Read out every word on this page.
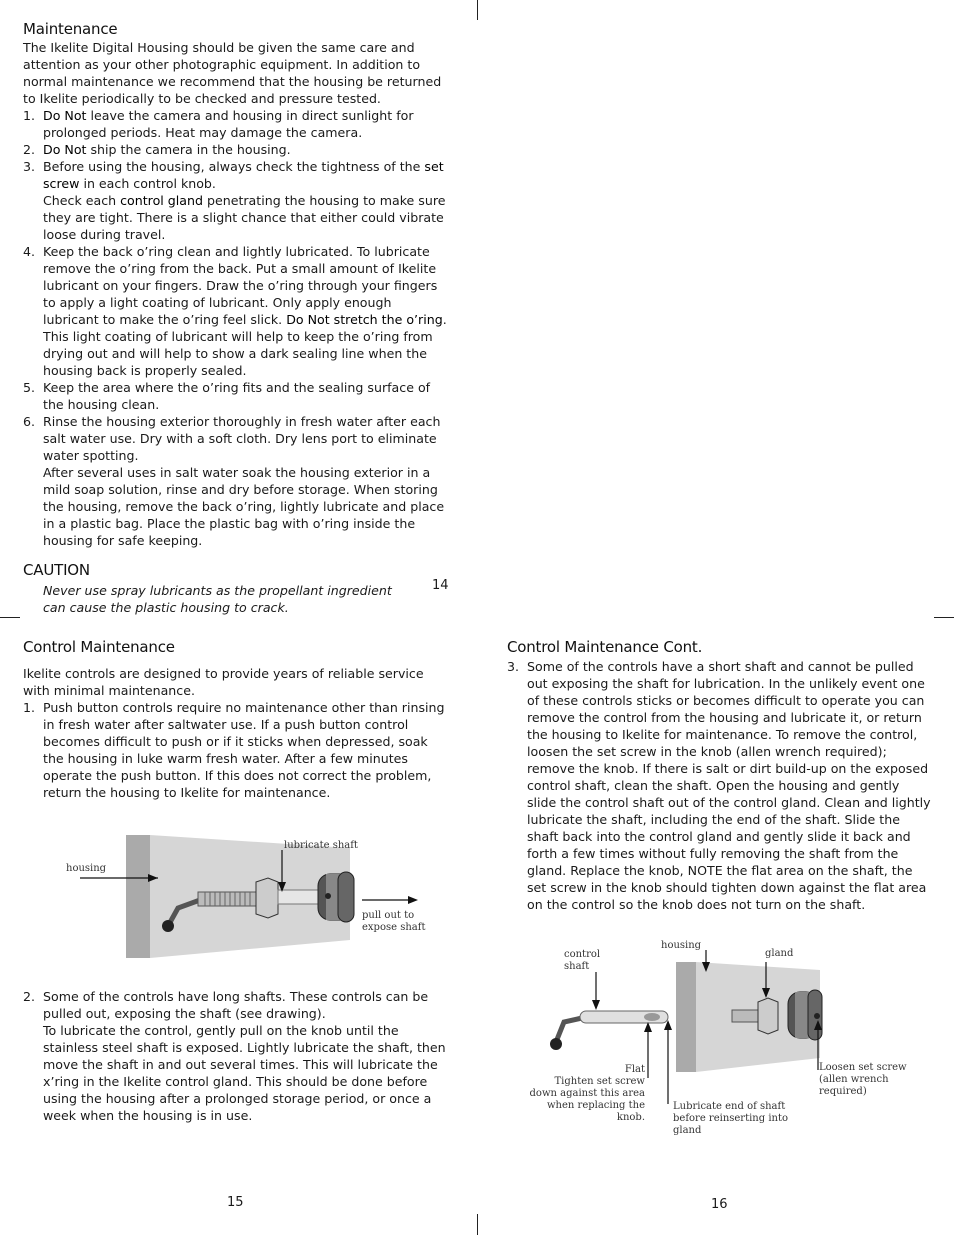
Maintenance

The Ikelite Digital Housing should be given the same care and attention as your other photographic equipment. In addition to normal maintenance we recommend that the housing be returned to Ikelite periodically to be checked and pressure tested.

1. Do Not leave the camera and housing in direct sunlight for prolonged periods. Heat may damage the camera.
2. Do Not ship the camera in the housing.
3. Before using the housing, always check the tightness of the set screw in each control knob.
Check each control gland penetrating the housing to make sure they are tight. There is a slight chance that either could vibrate loose during travel.
4. Keep the back o’ring clean and lightly lubricated. To lubricate remove the o’ring from the back. Put a small amount of Ikelite lubricant on your fingers. Draw the o’ring through your fingers to apply a light coating of lubricant. Only apply enough lubricant to make the o’ring feel slick. Do Not stretch the o’ring. This light coating of lubricant will help to keep the o’ring from drying out and will help to show a dark sealing line when the housing back is properly sealed.
5. Keep the area where the o’ring fits and the sealing surface of the housing clean.
6. Rinse the housing exterior thoroughly in fresh water after each salt water use. Dry with a soft cloth. Dry lens port to eliminate water spotting.
After several uses in salt water soak the housing exterior in a mild soap solution, rinse and dry before storage. When storing the housing, remove the back o’ring, lightly lubricate and place in a plastic bag. Place the plastic bag with o’ring inside the housing for safe keeping.
CAUTION

Never use spray lubricants as the propellant ingredient can cause the plastic housing to crack.

14
Control Maintenance

Ikelite controls are designed to provide years of reliable service with minimal maintenance.

1. Push button controls require no maintenance other than rinsing in fresh water after saltwater use. If a push button control becomes difficult to push or if it sticks when depressed, soak the housing in luke warm fresh water. After a few minutes operate the push button. If this does not correct the problem, return the housing to Ikelite for maintenance.
housing
lubricate shaft
pull out to expose shaft
2. Some of the controls have long shafts. These controls can be pulled out, exposing the shaft (see drawing).
To lubricate the control, gently pull on the knob until the stainless steel shaft is exposed. Lightly lubricate the shaft, then move the shaft in and out several times. This will lubricate the x’ring in the Ikelite control gland. This should be done before using the housing after a prolonged storage period, or once a week when the housing is in use.
15
Control Maintenance Cont.
3. Some of the controls have a short shaft and cannot be pulled out exposing the shaft for lubrication. In the unlikely event one of these controls sticks or becomes difficult to operate you can remove the control from the housing and lubricate it, or return the housing to Ikelite for maintenance. To remove the control, loosen the set screw in the knob (allen wrench required); remove the knob. If there is salt or dirt build-up on the exposed control shaft, clean the shaft. Open the housing and gently slide the control shaft out of the control gland. Clean and lightly lubricate the shaft, including the end of the shaft. Slide the shaft back into the control gland and gently slide it back and forth a few times without fully removing the shaft from the gland. Replace the knob, NOTE the flat area on the shaft, the set screw in the knob should tighten down against the flat area on the control so the knob does not turn on the shaft.
control shaft
housing
gland
Flat
Tighten set screw down against this area when replacing the knob.
Lubricate end of shaft before reinserting into gland
Loosen set screw (allen wrench required)
16
